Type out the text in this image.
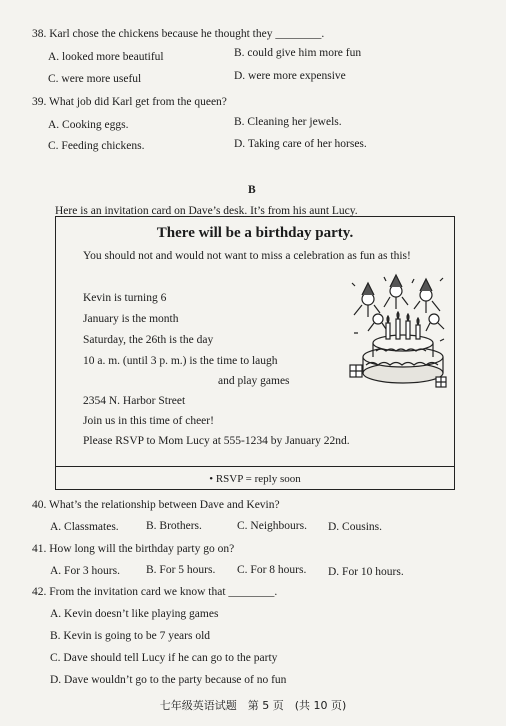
38. Karl chose the chickens because he thought they ________.
A. looked more beautiful	B. could give him more fun
C. were more useful	D. were more expensive
39. What job did Karl get from the queen?
A. Cooking eggs.	B. Cleaning her jewels.
C. Feeding chickens.	D. Taking care of her horses.
B
Here is an invitation card on Dave’s desk. It’s from his aunt Lucy.
There will be a birthday party.
You should not and would not want to miss a celebration as fun as this!
Kevin is turning 6
January is the month
Saturday, the 26th is the day
10 a. m. (until 3 p. m.) is the time to laugh
and play games
2354 N. Harbor Street
Join us in this time of cheer!
Please RSVP to Mom Lucy at 555-1234 by January 22nd.
• RSVP = reply soon
40. What’s the relationship between Dave and Kevin?
A. Classmates. B. Brothers.	C. Neighbours. D. Cousins.
41. How long will the birthday party go on?
A. For 3 hours. B. For 5 hours. C. For 8 hours. D. For 10 hours.
42. From the invitation card we know that ________.
A. Kevin doesn’t like playing games
B. Kevin is going to be 7 years old
C. Dave should tell Lucy if he can go to the party
D. Dave wouldn’t go to the party because of no fun
七年级英语试题　第 5 页　(共 10 页)
